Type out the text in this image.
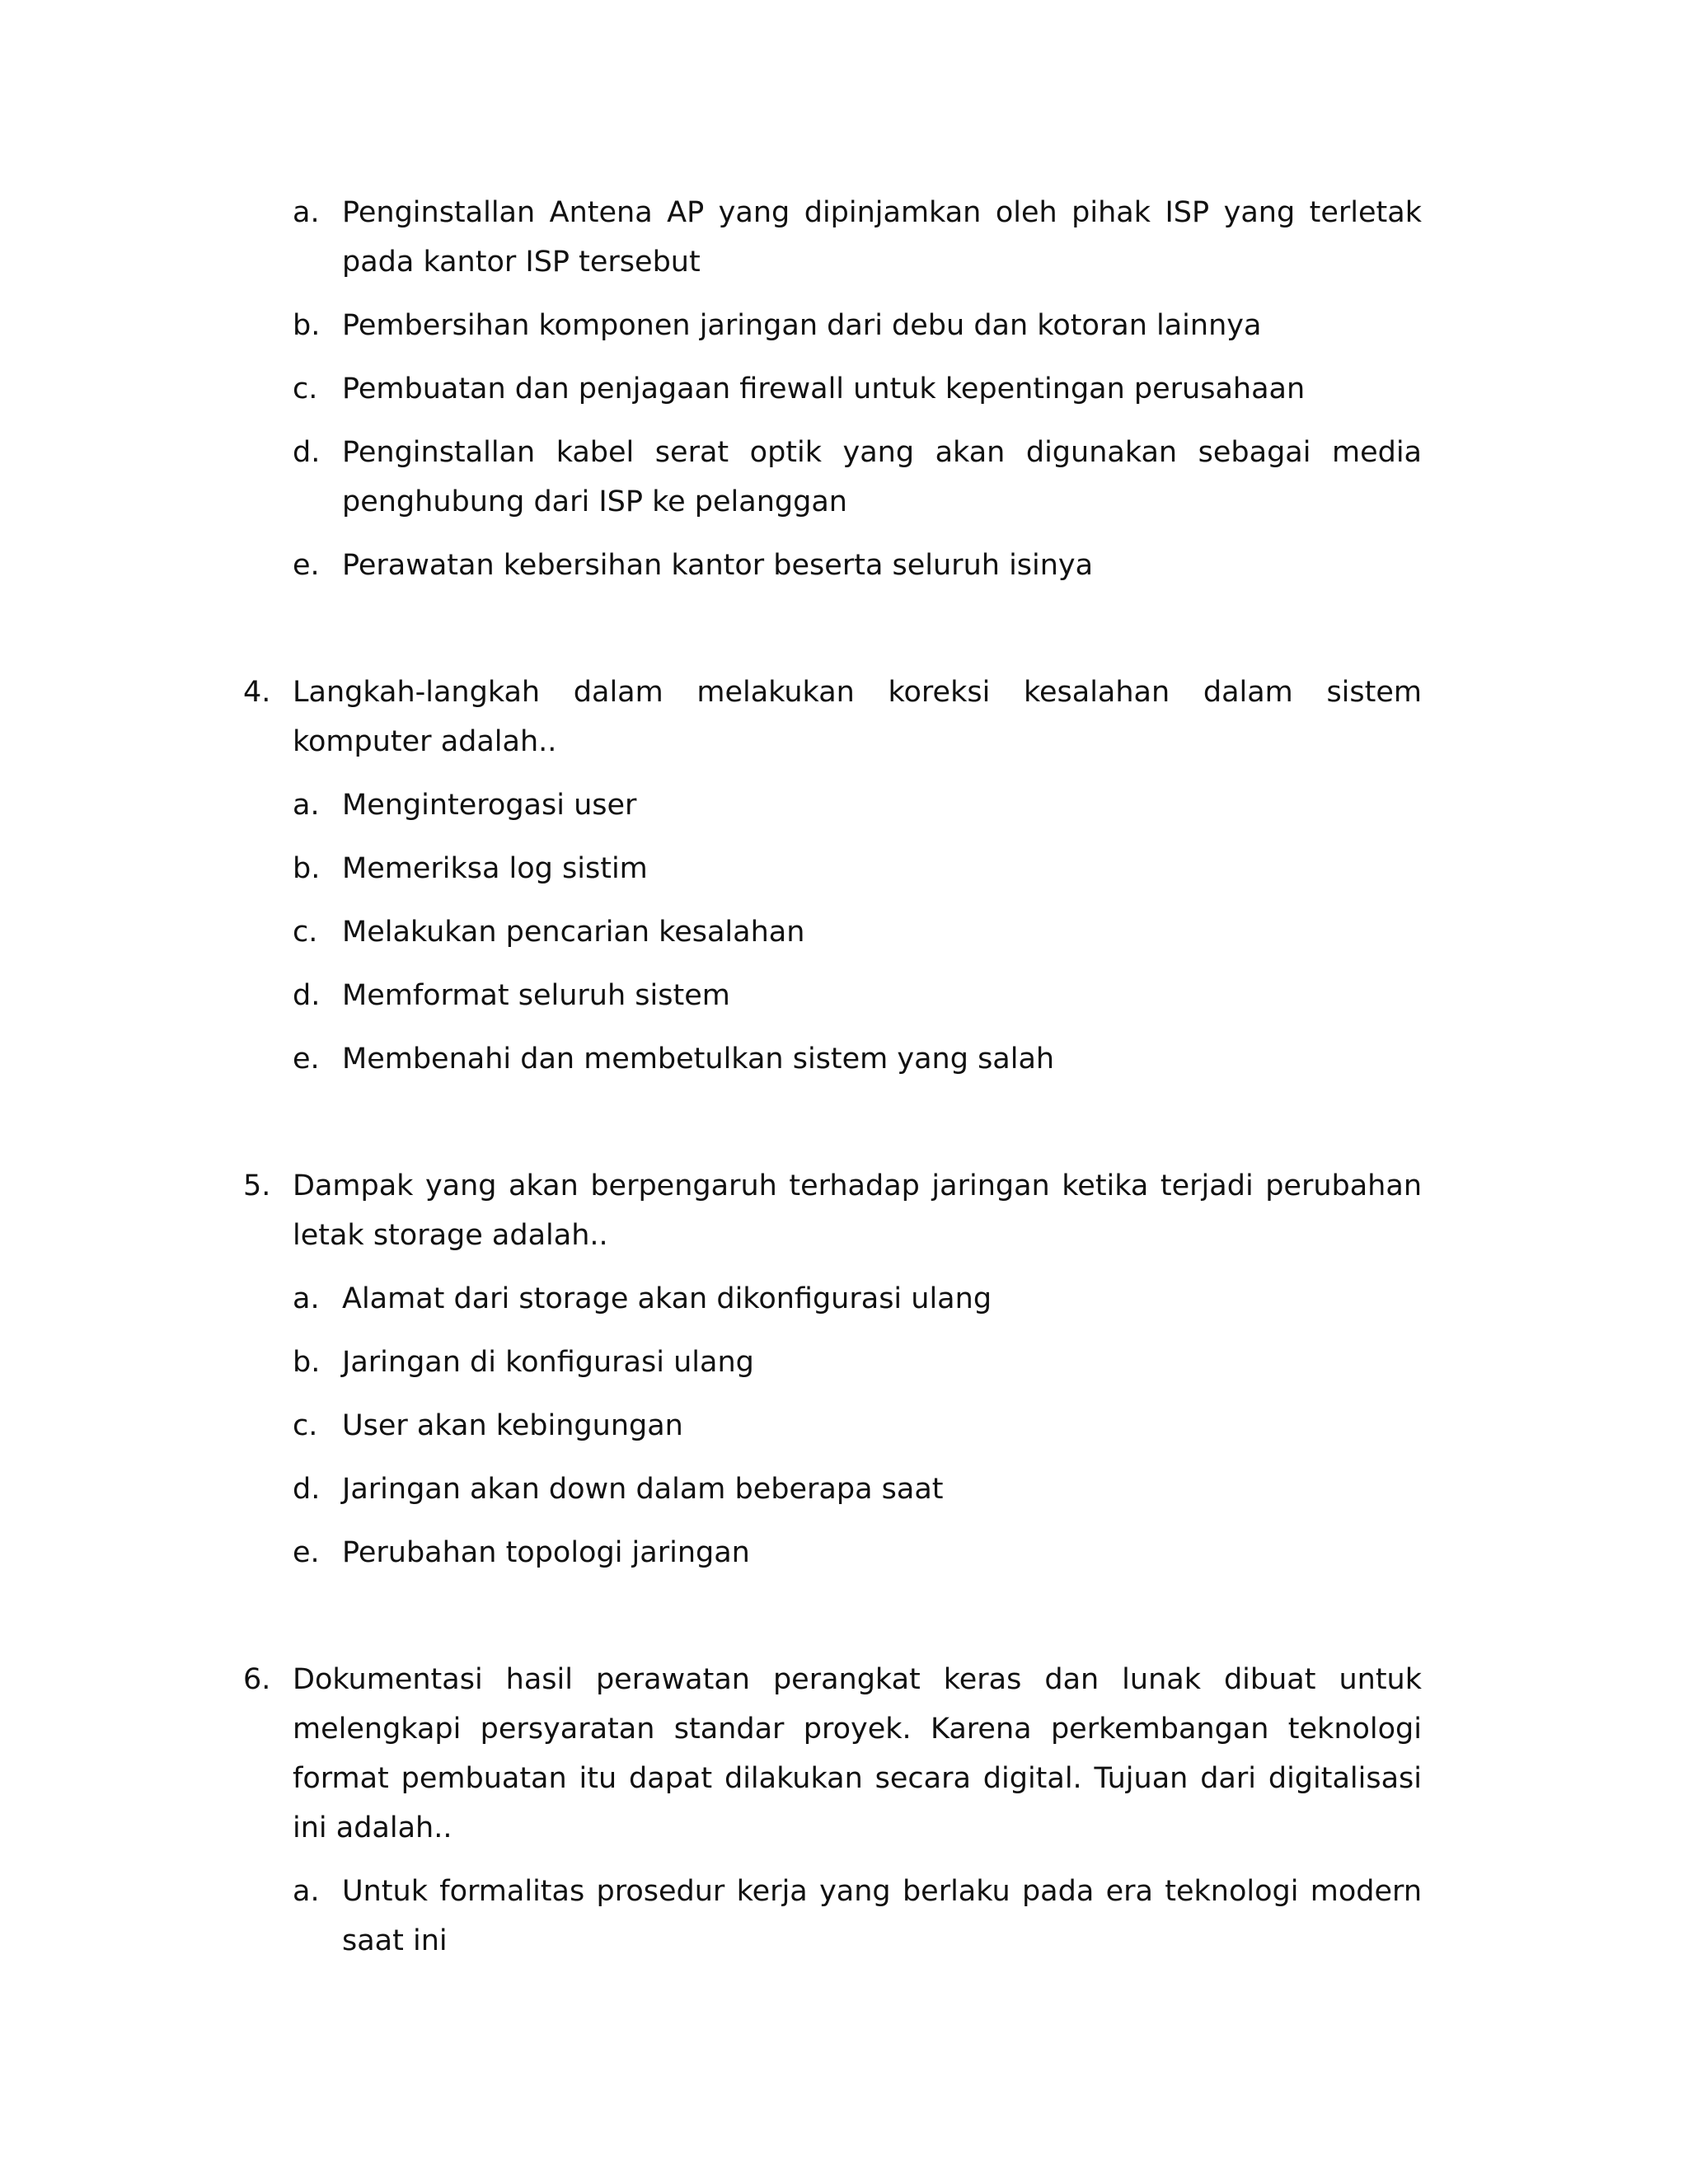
a. Penginstallan Antena AP yang dipinjamkan oleh pihak ISP yang terletak pada kantor ISP tersebut
b. Pembersihan komponen jaringan dari debu dan kotoran lainnya
c. Pembuatan dan penjagaan firewall untuk kepentingan perusahaan
d. Penginstallan kabel serat optik yang akan digunakan sebagai media penghubung dari ISP ke pelanggan
e. Perawatan kebersihan kantor beserta seluruh isinya
4. Langkah-langkah dalam melakukan koreksi kesalahan dalam sistem komputer adalah..
a. Menginterogasi user
b. Memeriksa log sistim
c. Melakukan pencarian kesalahan
d. Memformat seluruh sistem
e. Membenahi dan membetulkan sistem yang salah
5. Dampak yang akan berpengaruh terhadap jaringan ketika terjadi perubahan letak storage adalah..
a. Alamat dari storage akan dikonfigurasi ulang
b. Jaringan di konfigurasi ulang
c. User akan kebingungan
d. Jaringan akan down dalam beberapa saat
e. Perubahan topologi jaringan
6. Dokumentasi hasil perawatan perangkat keras dan lunak dibuat untuk melengkapi persyaratan standar proyek. Karena perkembangan teknologi format pembuatan itu dapat dilakukan secara digital. Tujuan dari digitalisasi ini adalah..
a. Untuk formalitas prosedur kerja yang berlaku pada era teknologi modern saat ini
